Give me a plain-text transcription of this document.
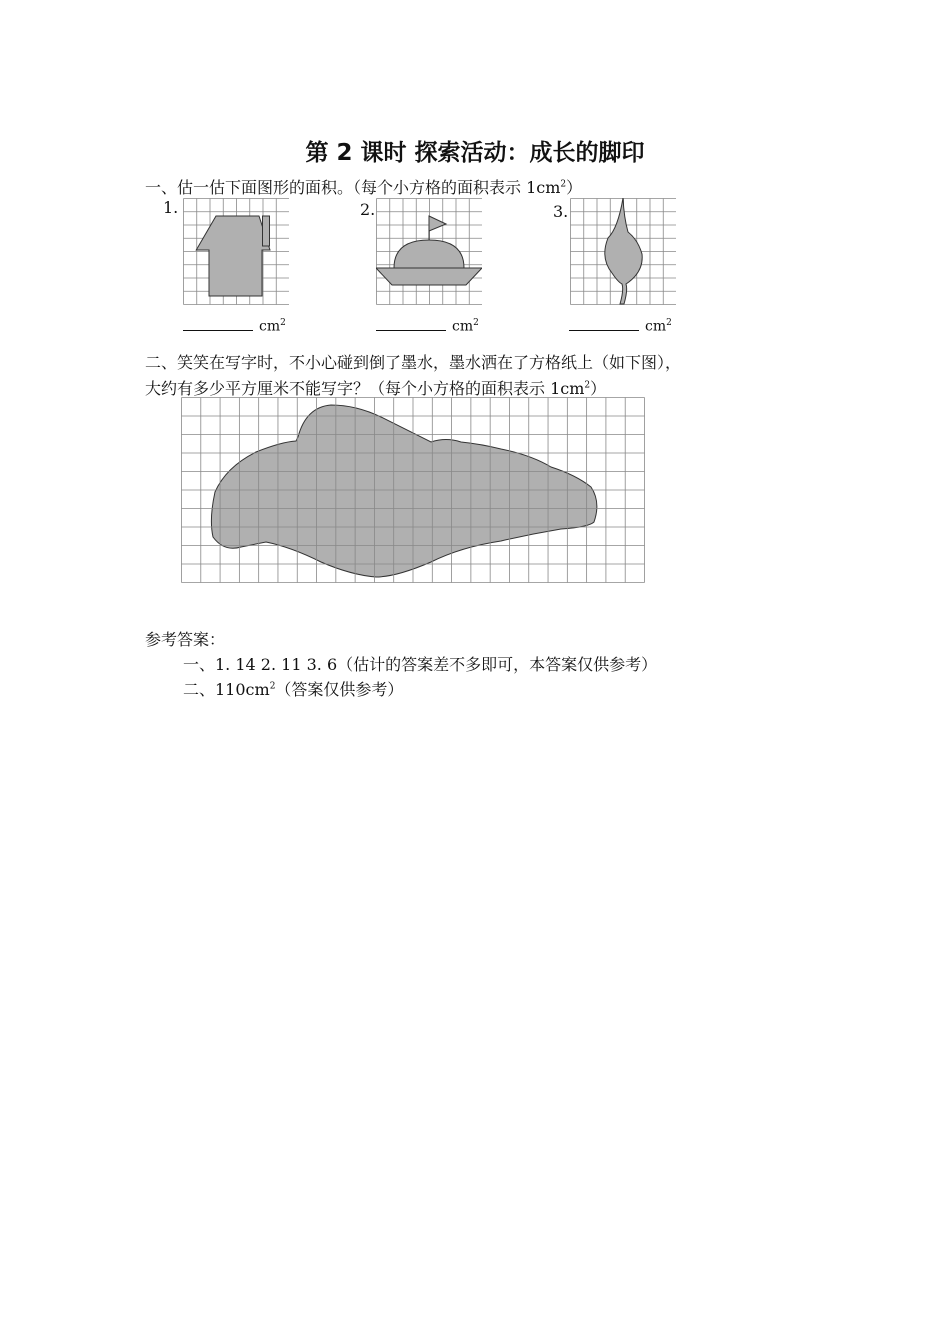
第 2 课时 探索活动：成长的脚印
一、估一估下面图形的面积。（每个小方格的面积表示 $1cm^2$）
1.	2.	3.
$cm^2$	$cm^2$	$cm^2$
二、笑笑在写字时，不小心碰到倒了墨水，墨水洒在了方格纸上（如下图），
大约有多少平方厘米不能写字？（每个小方格的面积表示 $1cm^2$）
参考答案：
一、1. 14 2. 11 3. 6（估计的答案差不多即可，本答案仅供参考）
二、$110cm^2$（答案仅供参考）
